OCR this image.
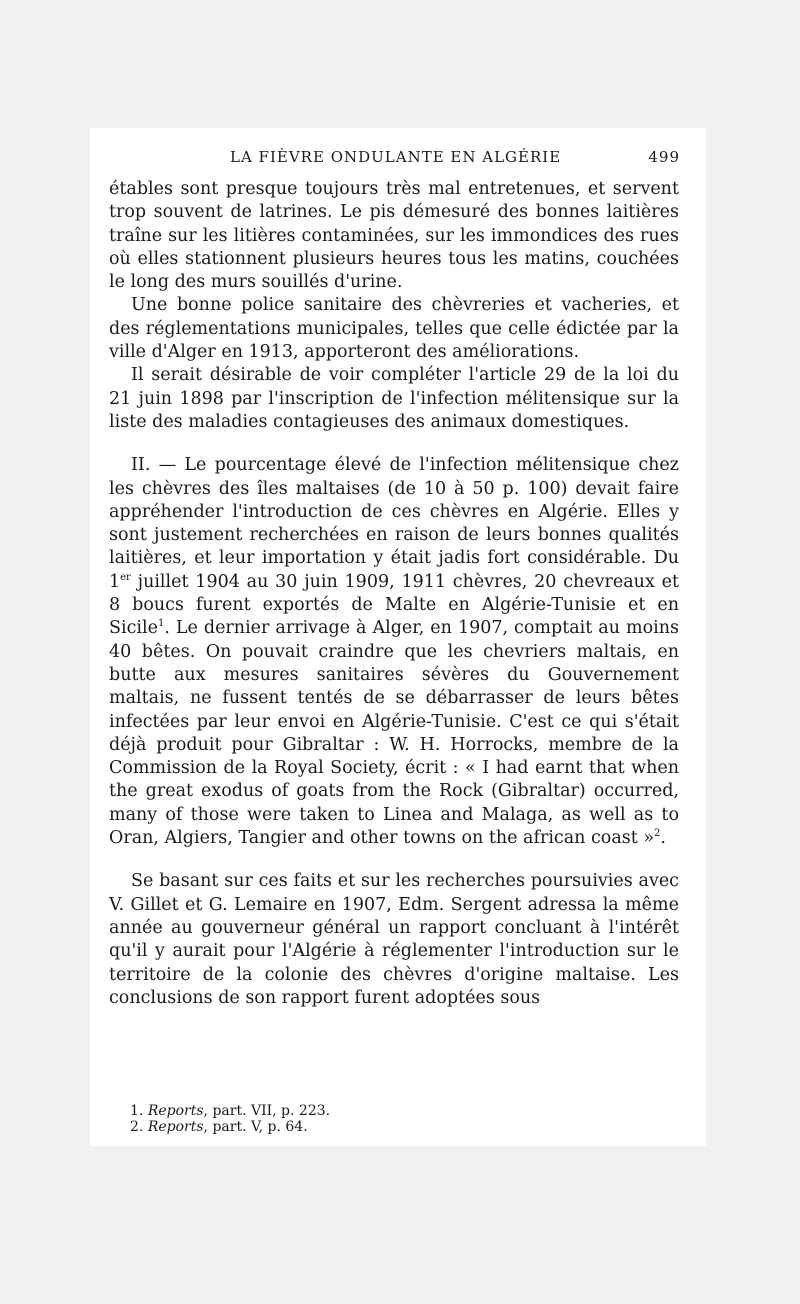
LA FIÈVRE ONDULANTE EN ALGÉRIE	499

étables sont presque toujours très mal entretenues, et servent trop souvent de latrines. Le pis démesuré des bonnes laitières traîne sur les litières contaminées, sur les immondices des rues où elles stationnent plusieurs heures tous les matins, couchées le long des murs souillés d'urine.

Une bonne police sanitaire des chèvreries et vacheries, et des réglementations municipales, telles que celle édictée par la ville d'Alger en 1913, apporteront des améliorations.

Il serait désirable de voir compléter l'article 29 de la loi du 21 juin 1898 par l'inscription de l'infection mélitensique sur la liste des maladies contagieuses des animaux domestiques.

II. — Le pourcentage élevé de l'infection mélitensique chez les chèvres des îles maltaises (de 10 à 50 p. 100) devait faire appréhender l'introduction de ces chèvres en Algérie. Elles y sont justement recherchées en raison de leurs bonnes qualités laitières, et leur importation y était jadis fort considérable. Du 1er juillet 1904 au 30 juin 1909, 1911 chèvres, 20 chevreaux et 8 boucs furent exportés de Malte en Algérie-Tunisie et en Sicile$^1$. Le dernier arrivage à Alger, en 1907, comptait au moins 40 bêtes. On pouvait craindre que les chevriers maltais, en butte aux mesures sanitaires sévères du Gouvernement maltais, ne fussent tentés de se débarrasser de leurs bêtes infectées par leur envoi en Algérie-Tunisie. C'est ce qui s'était déjà produit pour Gibraltar : W. H. Horrocks, membre de la Commission de la Royal Society, écrit : « I had earnt that when the great exodus of goats from the Rock (Gibraltar) occurred, many of those were taken to Linea and Malaga, as well as to Oran, Algiers, Tangier and other towns on the african coast »$^2$.

Se basant sur ces faits et sur les recherches poursuivies avec V. Gillet et G. Lemaire en 1907, Edm. Sergent adressa la même année au gouverneur général un rapport concluant à l'intérêt qu'il y aurait pour l'Algérie à réglementer l'introduction sur le territoire de la colonie des chèvres d'origine maltaise. Les conclusions de son rapport furent adoptées sous

1. Reports, part. VII, p. 223.
2. Reports, part. V, p. 64.
